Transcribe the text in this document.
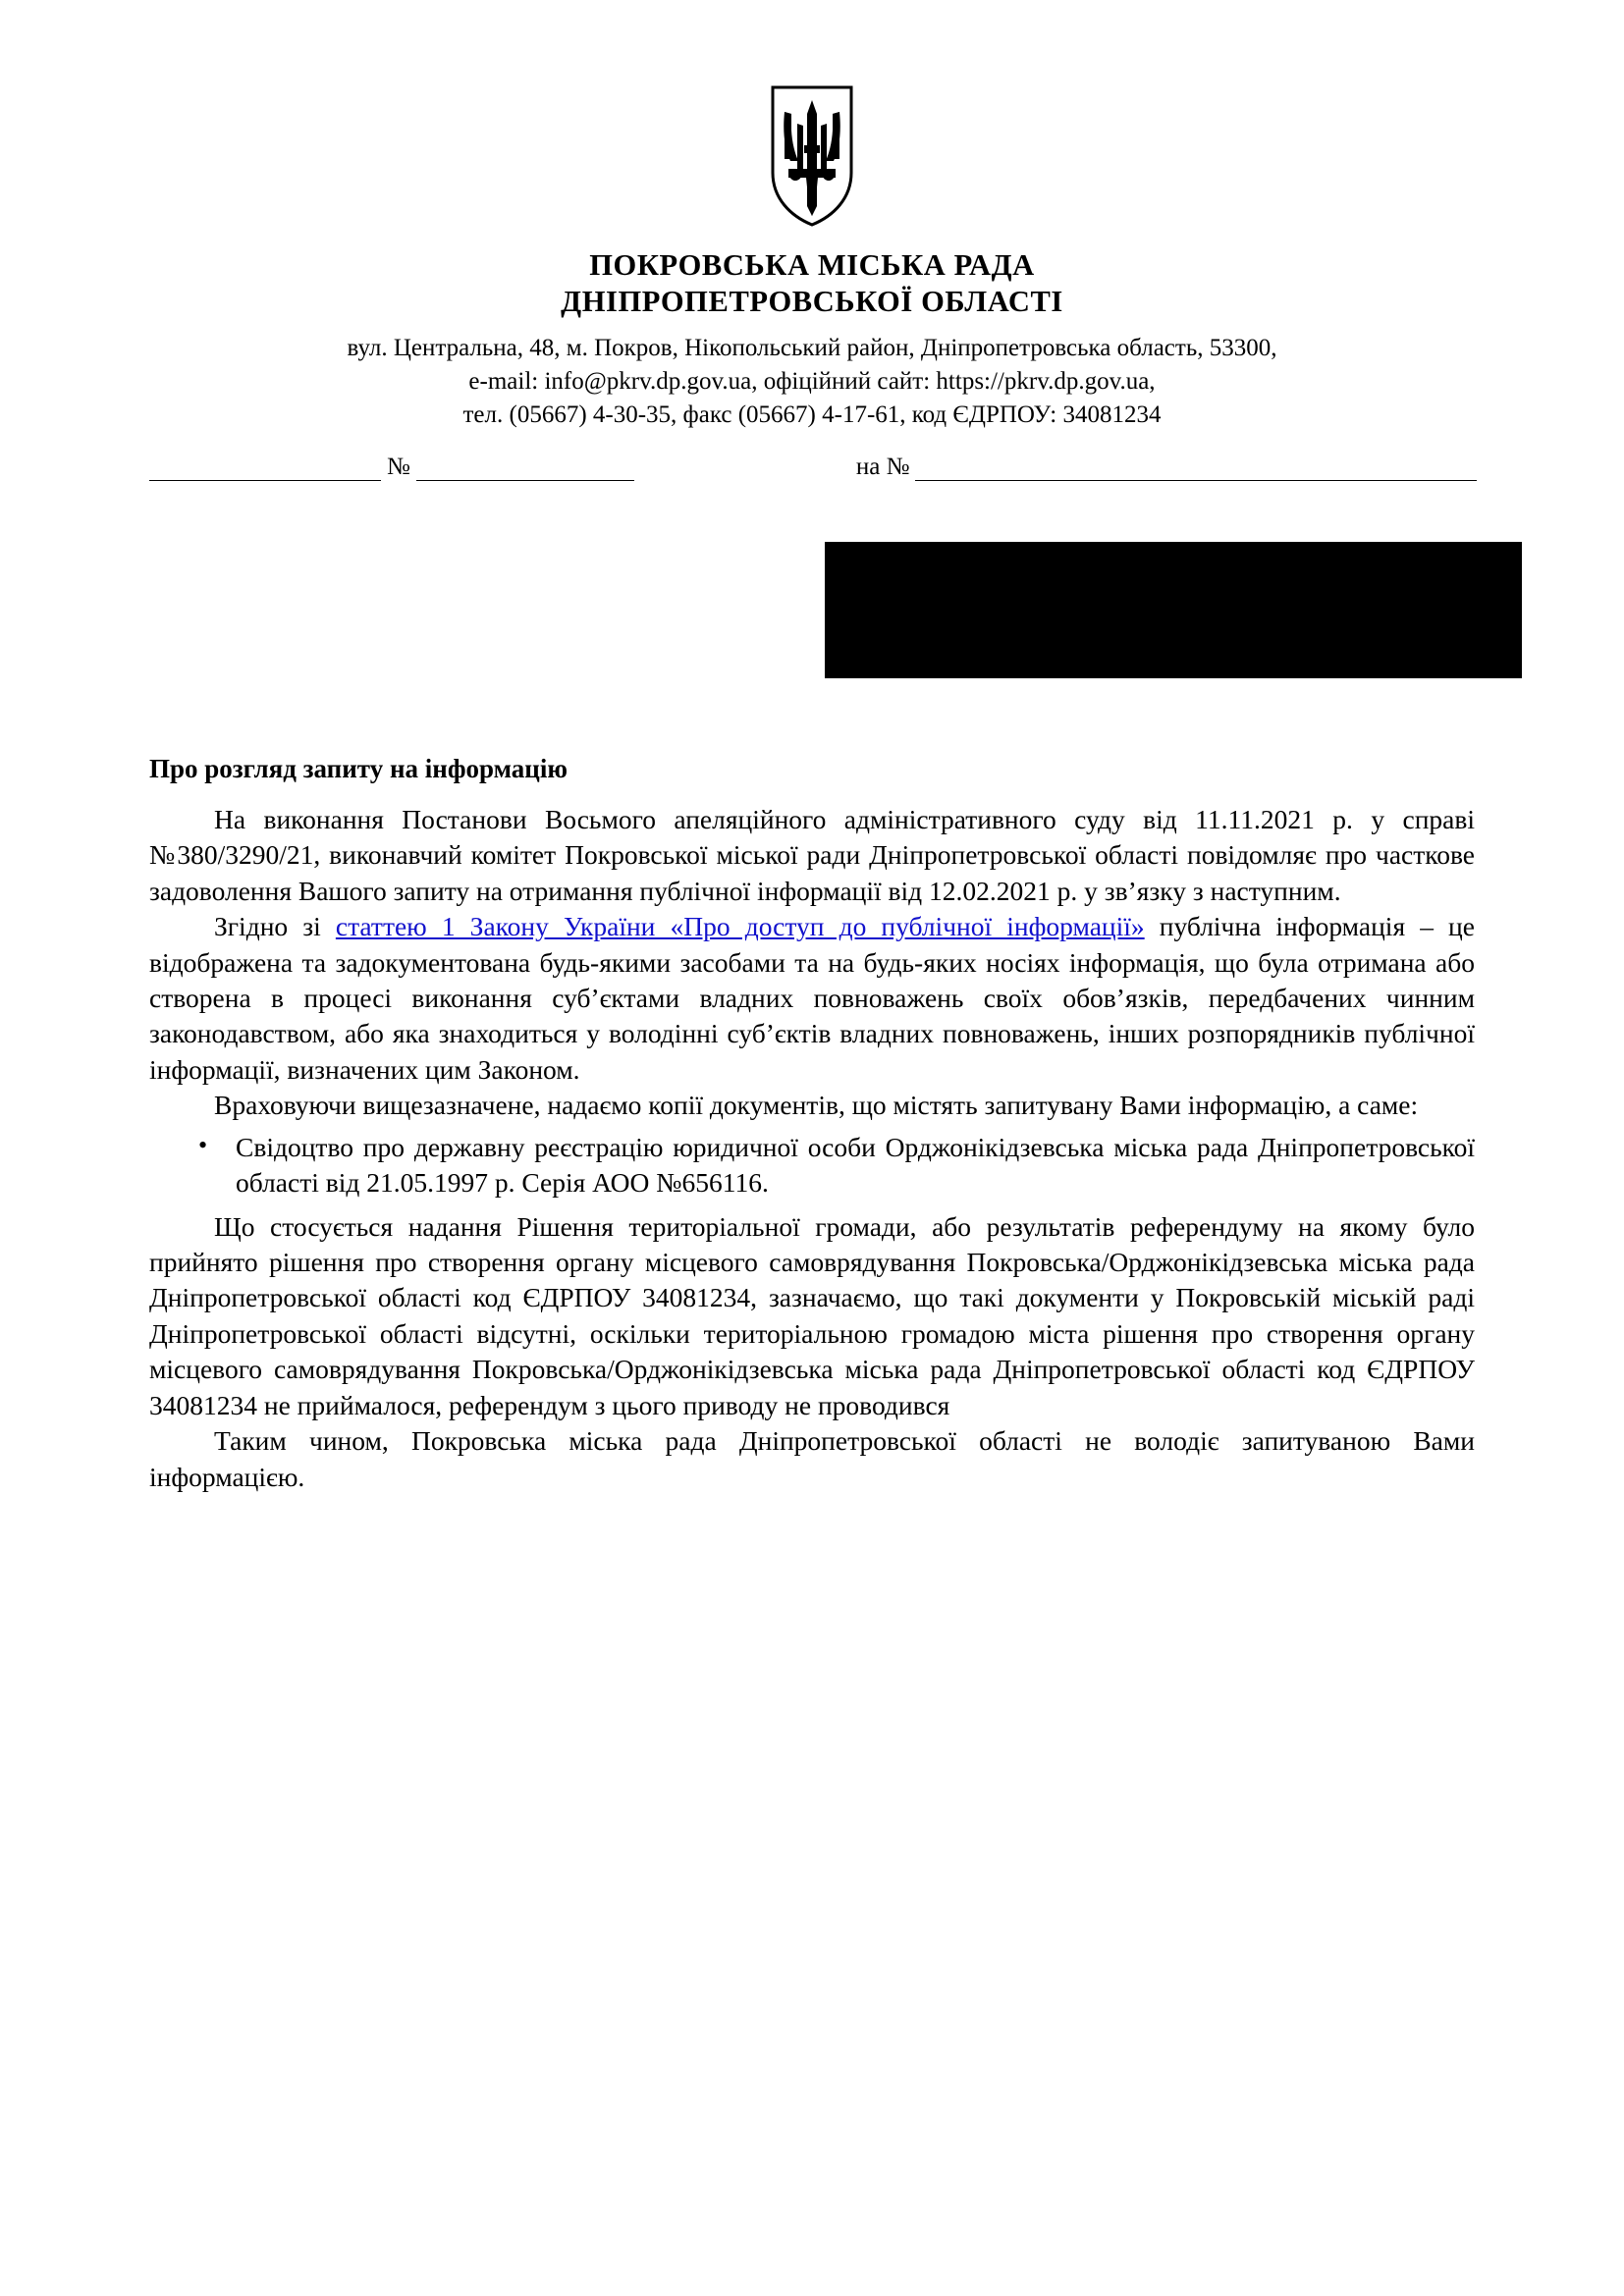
ПОКРОВСЬКА МІСЬКА РАДА
ДНІПРОПЕТРОВСЬКОЇ ОБЛАСТІ
вул. Центральна, 48, м. Покров, Нікопольський район, Дніпропетровська область, 53300,
e-mail: info@pkrv.dp.gov.ua, офіційний сайт: https://pkrv.dp.gov.ua,
тел. (05667) 4-30-35, факс (05667) 4-17-61, код ЄДРПОУ: 34081234
№	на №
Про розгляд запиту на інформацію

На виконання Постанови Восьмого апеляційного адміністративного суду від 11.11.2021 р. у справі №380/3290/21, виконавчий комітет Покровської міської ради Дніпропетровської області повідомляє про часткове задоволення Вашого запиту на отримання публічної інформації від 12.02.2021 р. у зв’язку з наступним.

Згідно зі статтею 1 Закону України «Про доступ до публічної інформації» публічна інформація – це відображена та задокументована будь-якими засобами та на будь-яких носіях інформація, що була отримана або створена в процесі виконання суб’єктами владних повноважень своїх обов’язків, передбачених чинним законодавством, або яка знаходиться у володінні суб’єктів владних повноважень, інших розпорядників публічної інформації, визначених цим Законом.

Враховуючи вищезазначене, надаємо копії документів, що містять запитувану Вами інформацію, а саме:

• Свідоцтво про державну реєстрацію юридичної особи Орджонікідзевська міська рада Дніпропетровської області від 21.05.1997 р. Серія АОО №656116.

Що стосується надання Рішення територіальної громади, або результатів референдуму на якому було прийнято рішення про створення органу місцевого самоврядування Покровська/Орджонікідзевська міська рада Дніпропетровської області код ЄДРПОУ 34081234, зазначаємо, що такі документи у Покровській міській раді Дніпропетровської області відсутні, оскільки територіальною громадою міста рішення про створення органу місцевого самоврядування Покровська/Орджонікідзевська міська рада Дніпропетровської області код ЄДРПОУ 34081234 не приймалося, референдум з цього приводу не проводився

Таким чином, Покровська міська рада Дніпропетровської області не володіє запитуваною Вами інформацією.
